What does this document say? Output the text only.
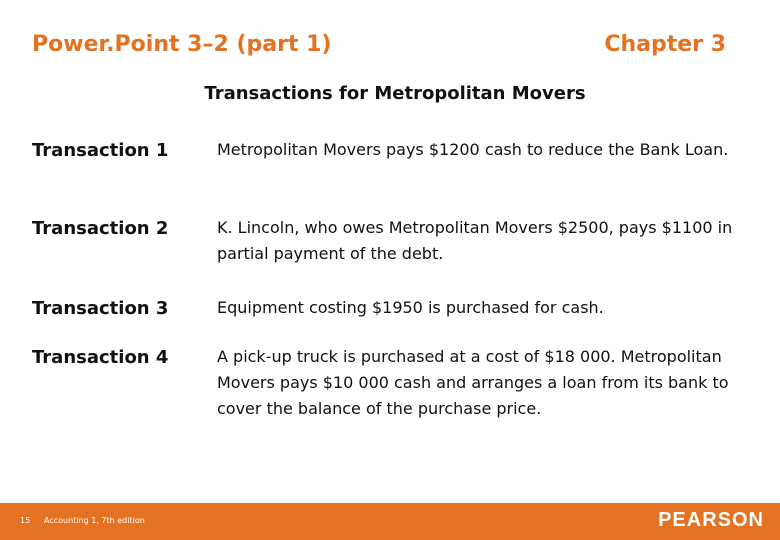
Power.Point 3–2 (part 1)	Chapter 3
Transactions for Metropolitan Movers
Transaction 1	Metropolitan Movers pays $1200 cash to reduce the Bank Loan.
Transaction 2	K. Lincoln, who owes Metropolitan Movers $2500, pays $1100 in partial payment of the debt.
Transaction 3	Equipment costing $1950 is purchased for cash.
Transaction 4	A pick-up truck is purchased at a cost of $18 000. Metropolitan Movers pays $10 000 cash and arranges a loan from its bank to cover the balance of the purchase price.
15 Accounting 1, 7th edition	PEARSON
